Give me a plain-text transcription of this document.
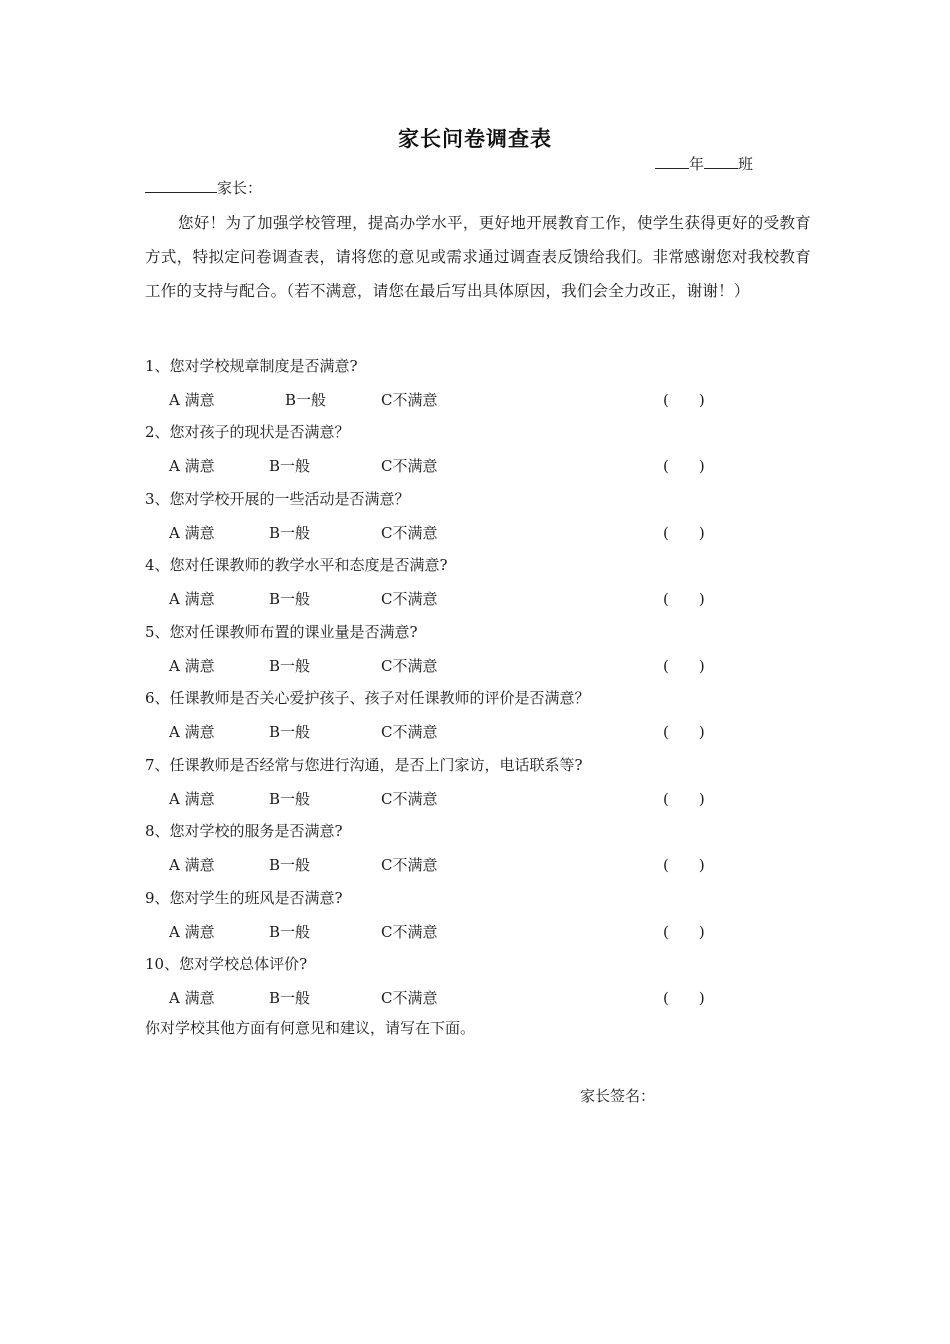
家长问卷调查表
年 班
家长：
您好！为了加强学校管理，提高办学水平，更好地开展教育工作，使学生获得更好的受教育方式，特拟定问卷调查表，请将您的意见或需求通过调查表反馈给我们。非常感谢您对我校教育工作的支持与配合。（若不满意，请您在最后写出具体原因，我们会全力改正，谢谢！）
1、您对学校规章制度是否满意?
A 满意	B一般	C不满意	(　　)
2、您对孩子的现状是否满意？
A 满意	B一般	C不满意	(　　)
3、您对学校开展的一些活动是否满意？
A 满意	B一般	C不满意	(　　)
4、您对任课教师的教学水平和态度是否满意?
A 满意	B一般	C不满意	(　　)
5、您对任课教师布置的课业量是否满意?
A 满意	B一般	C不满意	(　　)
6、任课教师是否关心爱护孩子、孩子对任课教师的评价是否满意？
A 满意	B一般	C不满意	(　　)
7、任课教师是否经常与您进行沟通，是否上门家访，电话联系等?
A 满意	B一般	C不满意	(　　)
8、您对学校的服务是否满意?
A 满意	B一般	C不满意	(　　)
9、您对学生的班风是否满意?
A 满意	B一般	C不满意	(　　)
10、您对学校总体评价?
A 满意	B一般	C不满意	(　　)
你对学校其他方面有何意见和建议，请写在下面。
家长签名：
